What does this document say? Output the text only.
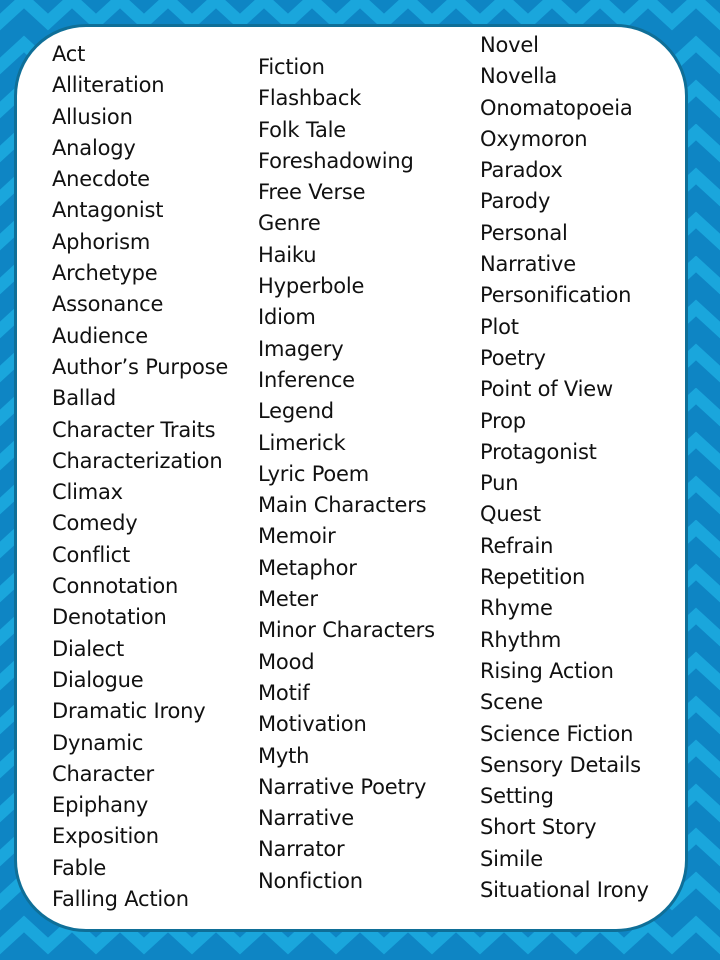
Act
Alliteration
Allusion
Analogy
Anecdote
Antagonist
Aphorism
Archetype
Assonance
Audience
Author’s Purpose
Ballad
Character Traits
Characterization
Climax
Comedy
Conflict
Connotation
Denotation
Dialect
Dialogue
Dramatic Irony
Dynamic
Character
Epiphany
Exposition
Fable
Falling Action
Fiction
Flashback
Folk Tale
Foreshadowing
Free Verse
Genre
Haiku
Hyperbole
Idiom
Imagery
Inference
Legend
Limerick
Lyric Poem
Main Characters
Memoir
Metaphor
Meter
Minor Characters
Mood
Motif
Motivation
Myth
Narrative Poetry
Narrative
Narrator
Nonfiction
Novel
Novella
Onomatopoeia
Oxymoron
Paradox
Parody
Personal
Narrative
Personification
Plot
Poetry
Point of View
Prop
Protagonist
Pun
Quest
Refrain
Repetition
Rhyme
Rhythm
Rising Action
Scene
Science Fiction
Sensory Details
Setting
Short Story
Simile
Situational Irony
